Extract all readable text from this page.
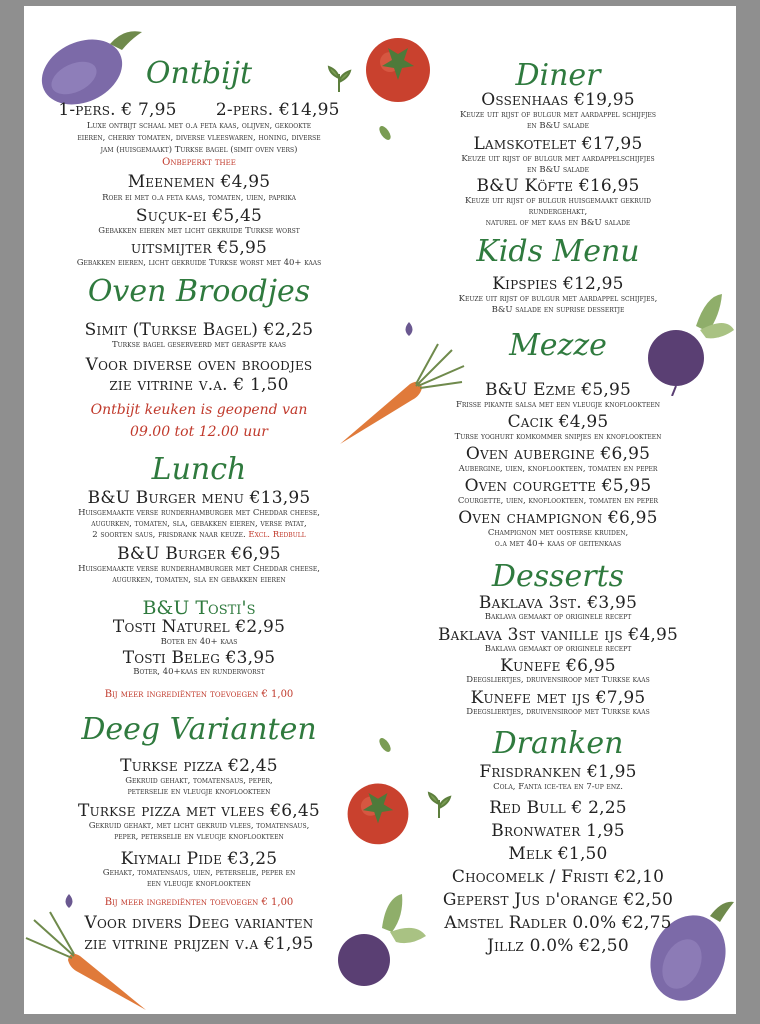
Ontbijt
1-pers. € 7,95 2-pers. €14,95
Luxe ontbijt schaal met o.a feta kaas, olijven, gekookte
eieren, cherry tomaten, diverse vleeswaren, honing, diverse
jam (huisgemaakt) Turkse bagel (simit oven vers)
Onbeperkt thee
Meenemen €4,95
Roer ei met o.a feta kaas, tomaten, uien, paprika
Suçuk-ei €5,45
Gebakken eieren met licht gekruide Turkse worst
uitsmijter €5,95
Gebakken eieren, licht gekruide Turkse worst met 40+ kaas
Oven Broodjes
Simit (Turkse Bagel) €2,25
Turkse bagel geserveerd met geraspte kaas
Voor diverse oven broodjes
zie vitrine v.a. € 1,50
Ontbijt keuken is geopend van
09.00 tot 12.00 uur
Lunch
B&U Burger menu €13,95
Huisgemaakte verse runderhamburger met Cheddar cheese,
augurken, tomaten, sla, gebakken eieren, verse patat,
2 soorten saus, frisdrank naar keuze. Excl. Redbull
B&U Burger €6,95
Huisgemaakte verse runderhamburger met Cheddar cheese,
augurken, tomaten, sla en gebakken eieren
B&U Tosti's
Tosti Naturel €2,95
Boter en 40+ kaas
Tosti Beleg €3,95
Boter, 40+kaas en runderworst
Bij meer ingrediënten toevoegen € 1,00
Deeg Varianten
Turkse pizza €2,45
Gekruid gehakt, tomatensaus, peper,
peterselie en vleugje knoflookteen
Turkse pizza met vlees €6,45
Gekruid gehakt, met licht gekruid vlees, tomatensaus,
peper, peterselie en vleugje knoflookteen
Kiymali Pide €3,25
Gehakt, tomatensaus, uien, peterselie, peper en
een vleugje knoflookteen
Bij meer ingrediënten toevoegen € 1,00
Voor divers Deeg varianten
zie vitrine prijzen v.a €1,95
Diner
Ossenhaas €19,95
Keuze uit rijst of bulgur met aardappel schijfjes
en B&U salade
Lamskotelet €17,95
Keuze uit rijst of bulgur met aardappelschijfjes
en B&U salade
B&U Köfte €16,95
Keuze uit rijst of bulgur huisgemaakt gekruid
rundergehakt,
naturel of met kaas en B&U salade
Kids Menu
Kipspies €12,95
Keuze uit rijst of bulgur met aardappel schijfjes,
B&U salade en suprise dessertje
Mezze
B&U Ezme €5,95
Frisse pikante salsa met een vleugje knoflookteen
Cacik €4,95
Turse yoghurt komkommer snipjes en knoflookteen
Oven aubergine €6,95
Aubergine, uien, knoflookteen, tomaten en peper
Oven courgette €5,95
Courgette, uien, knoflookteen, tomaten en peper
Oven champignon €6,95
Champignon met oosterse kruiden,
o.a met 40+ kaas of geitenkaas
Desserts
Baklava 3st. €3,95
Baklava gemaakt op originele recept
Baklava 3st vanille ijs €4,95
Baklava gemaakt op originele recept
Kunefe €6,95
Deegsliertjes, druivensiroop met Turkse kaas
Kunefe met ijs €7,95
Deegsliertjes, druivensiroop met Turkse kaas
Dranken
Frisdranken €1,95
Cola, Fanta ice-tea en 7-up enz.
Red Bull € 2,25
Bronwater 1,95
Melk €1,50
Chocomelk / Fristi €2,10
Geperst Jus d'orange €2,50
Amstel Radler 0.0% €2,75
Jillz 0.0% €2,50
